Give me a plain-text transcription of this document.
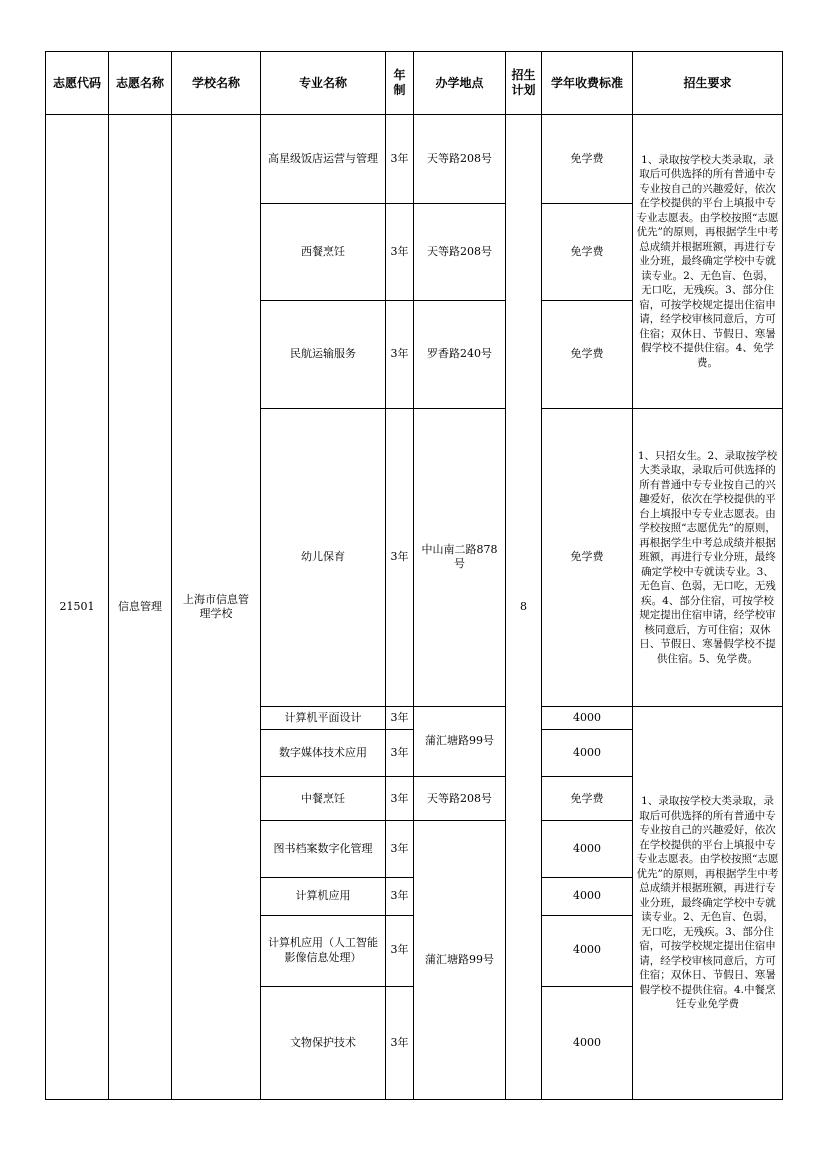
志愿代码	志愿名称	学校名称	专业名称	年制	办学地点	招生计划	学年收费标准	招生要求
21501	信息管理	上海市信息管理学校	高星级饭店运营与管理	3年	天等路208号	8	免学费	1、录取按学校大类录取，录取后可供选择的所有普通中专专业按自己的兴趣爱好，依次在学校提供的平台上填报中专专业志愿表。由学校按照“志愿优先”的原则，再根据学生中考总成绩并根据班额，再进行专业分班，最终确定学校中专就读专业。2、无色盲、色弱，无口吃，无残疾。3、部分住宿，可按学校规定提出住宿申请，经学校审核同意后，方可住宿；双休日、节假日、寒暑假学校不提供住宿。4、免学费。
			西餐烹饪	3年	天等路208号		免学费	
			民航运输服务	3年	罗香路240号		免学费	
			幼儿保育	3年	中山南二路878号		免学费	1、只招女生。2、录取按学校大类录取，录取后可供选择的所有普通中专专业按自己的兴趣爱好，依次在学校提供的平台上填报中专专业志愿表。由学校按照“志愿优先”的原则，再根据学生中考总成绩并根据班额，再进行专业分班，最终确定学校中专就读专业。3、无色盲、色弱，无口吃，无残疾。4、部分住宿，可按学校规定提出住宿申请，经学校审核同意后，方可住宿；双休日、节假日、寒暑假学校不提供住宿。5、免学费。
			计算机平面设计	3年	蒲汇塘路99号		4000	1、录取按学校大类录取，录取后可供选择的所有普通中专专业按自己的兴趣爱好，依次在学校提供的平台上填报中专专业志愿表。由学校按照“志愿优先”的原则，再根据学生中考总成绩并根据班额，再进行专业分班，最终确定学校中专就读专业。2、无色盲、色弱，无口吃，无残疾。3、部分住宿，可按学校规定提出住宿申请，经学校审核同意后，方可住宿；双休日、节假日、寒暑假学校不提供住宿。4.中餐烹饪专业免学费
			数字媒体技术应用	3年			4000	
			中餐烹饪	3年	天等路208号		免学费	
			图书档案数字化管理	3年	蒲汇塘路99号		4000	
			计算机应用	3年			4000	
			计算机应用（人工智能影像信息处理）	3年			4000	
			文物保护技术	3年			4000	
